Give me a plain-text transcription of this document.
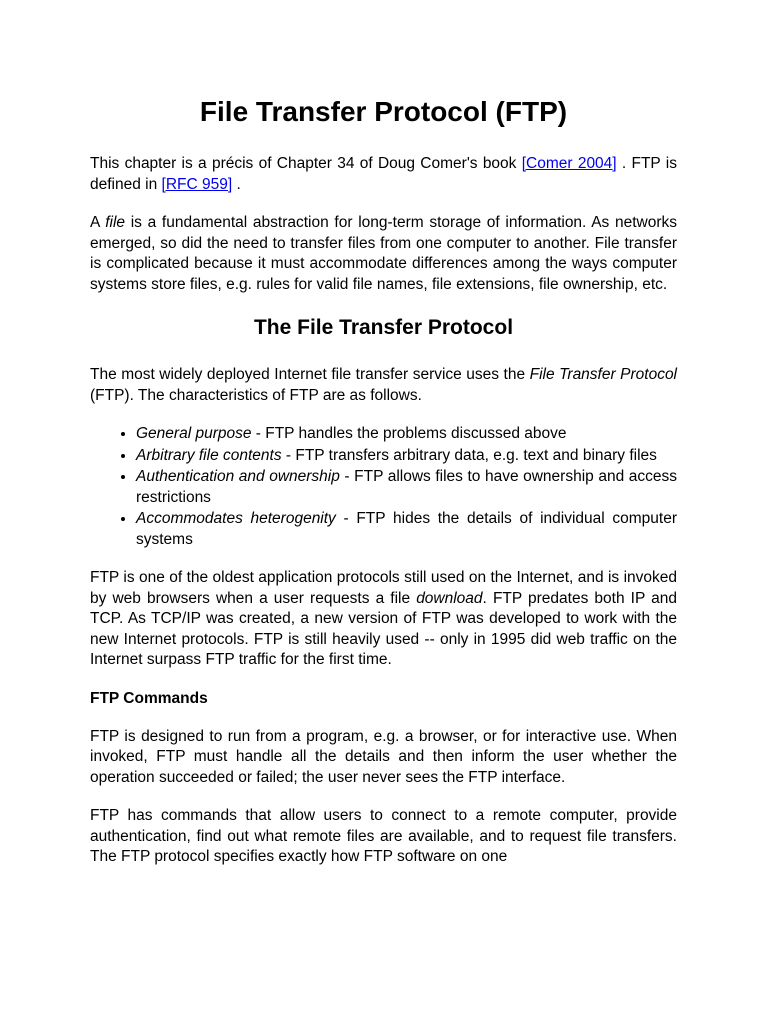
File Transfer Protocol (FTP)

This chapter is a précis of Chapter 34 of Doug Comer's book [Comer 2004] . FTP is defined in [RFC 959] .

A file is a fundamental abstraction for long-term storage of information. As networks emerged, so did the need to transfer files from one computer to another. File transfer is complicated because it must accommodate differences among the ways computer systems store files, e.g. rules for valid file names, file extensions, file ownership, etc.

The File Transfer Protocol

The most widely deployed Internet file transfer service uses the File Transfer Protocol (FTP). The characteristics of FTP are as follows.

• General purpose - FTP handles the problems discussed above
• Arbitrary file contents - FTP transfers arbitrary data, e.g. text and binary files
• Authentication and ownership - FTP allows files to have ownership and access restrictions
• Accommodates heterogenity - FTP hides the details of individual computer systems

FTP is one of the oldest application protocols still used on the Internet, and is invoked by web browsers when a user requests a file download. FTP predates both IP and TCP. As TCP/IP was created, a new version of FTP was developed to work with the new Internet protocols. FTP is still heavily used -- only in 1995 did web traffic on the Internet surpass FTP traffic for the first time.

FTP Commands

FTP is designed to run from a program, e.g. a browser, or for interactive use. When invoked, FTP must handle all the details and then inform the user whether the operation succeeded or failed; the user never sees the FTP interface.

FTP has commands that allow users to connect to a remote computer, provide authentication, find out what remote files are available, and to request file transfers. The FTP protocol specifies exactly how FTP software on one
